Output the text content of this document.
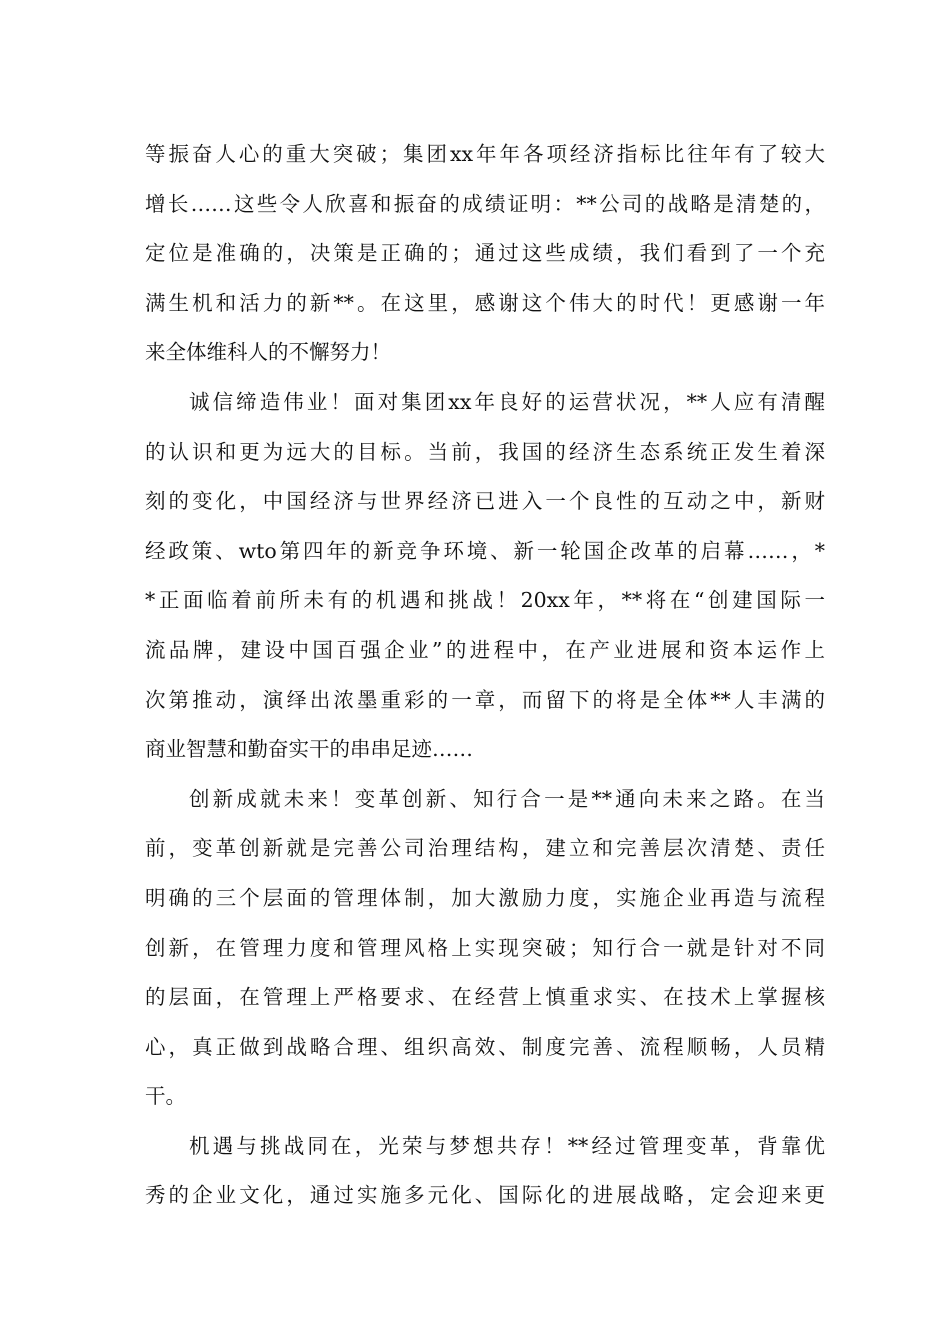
等振奋人心的重大突破；集团xx年年各项经济指标比往年有了较大
增长……这些令人欣喜和振奋的成绩证明：**公司的战略是清楚的，
定位是准确的，决策是正确的；通过这些成绩，我们看到了一个充
满生机和活力的新**。在这里，感谢这个伟大的时代！更感谢一年
来全体维科人的不懈努力！
诚信缔造伟业！面对集团xx年良好的运营状况，**人应有清醒
的认识和更为远大的目标。当前，我国的经济生态系统正发生着深
刻的变化，中国经济与世界经济已进入一个良性的互动之中，新财
经政策、wto第四年的新竞争环境、新一轮国企改革的启幕……，*
*正面临着前所未有的机遇和挑战！20xx年，**将在“创建国际一
流品牌，建设中国百强企业”的进程中，在产业进展和资本运作上
次第推动，演绎出浓墨重彩的一章，而留下的将是全体**人丰满的
商业智慧和勤奋实干的串串足迹……
创新成就未来！变革创新、知行合一是**通向未来之路。在当
前，变革创新就是完善公司治理结构，建立和完善层次清楚、责任
明确的三个层面的管理体制，加大激励力度，实施企业再造与流程
创新，在管理力度和管理风格上实现突破；知行合一就是针对不同
的层面，在管理上严格要求、在经营上慎重求实、在技术上掌握核
心，真正做到战略合理、组织高效、制度完善、流程顺畅，人员精
干。
机遇与挑战同在，光荣与梦想共存！**经过管理变革，背靠优
秀的企业文化，通过实施多元化、国际化的进展战略，定会迎来更
